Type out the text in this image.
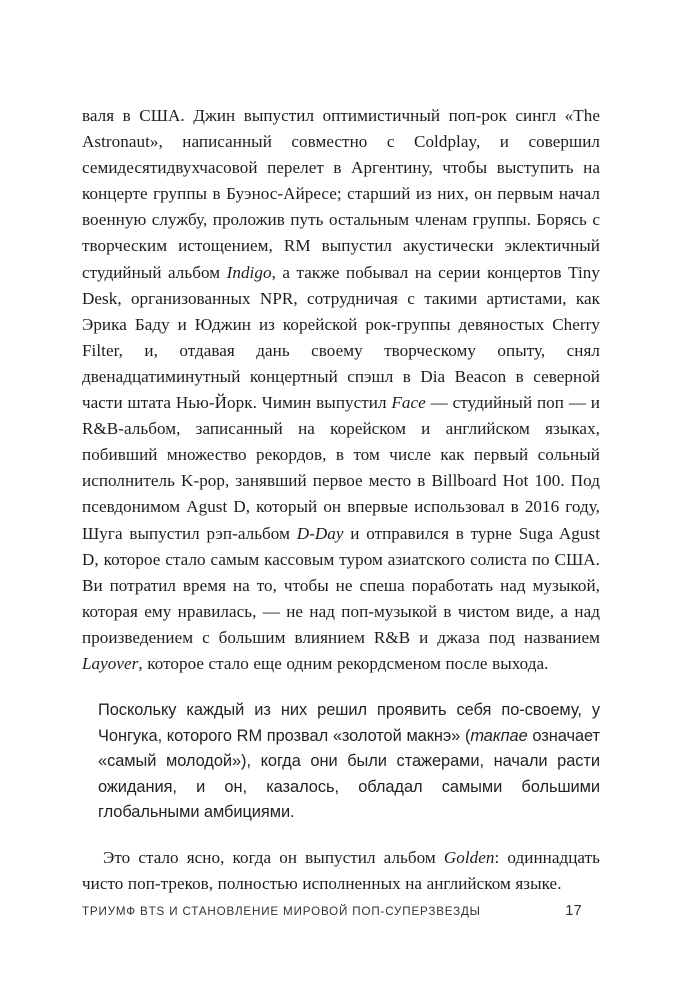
валя в США. Джин выпустил оптимистичный поп-рок сингл «The Astronaut», написанный совместно с Coldplay, и совершил семидесятидвухчасовой перелет в Аргентину, чтобы выступить на концерте группы в Буэнос-Айресе; старший из них, он первым начал военную службу, проложив путь остальным членам группы. Борясь с творческим истощением, RM выпустил акустически эклектичный студийный альбом Indigo, а также побывал на серии концертов Tiny Desk, организованных NPR, сотрудничая с такими артистами, как Эрика Баду и Юджин из корейской рок-группы девяностых Cherry Filter, и, отдавая дань своему творческому опыту, снял двенадцатиминутный концертный спэшл в Dia Beacon в северной части штата Нью-Йорк. Чимин выпустил Face — студийный поп — и R&B-альбом, записанный на корейском и английском языках, побивший множество рекордов, в том числе как первый сольный исполнитель K-pop, занявший первое место в Billboard Hot 100. Под псевдонимом Agust D, который он впервые использовал в 2016 году, Шуга выпустил рэп-альбом D-Day и отправился в турне Suga Agust D, которое стало самым кассовым туром азиатского солиста по США. Ви потратил время на то, чтобы не спеша поработать над музыкой, которая ему нравилась, — не над поп-музыкой в чистом виде, а над произведением с большим влиянием R&B и джаза под названием Layover, которое стало еще одним рекордсменом после выхода.

Поскольку каждый из них решил проявить себя по-своему, у Чонгука, которого RM прозвал «золотой макнэ» (такпае означает «самый молодой»), когда они были стажерами, начали расти ожидания, и он, казалось, обладал самыми большими глобальными амбициями.

Это стало ясно, когда он выпустил альбом Golden: одиннадцать чисто поп-треков, полностью исполненных на английском языке.

ТРИУМФ BTS И СТАНОВЛЕНИЕ МИРОВОЙ ПОП-СУПЕРЗВЕЗДЫ	17
